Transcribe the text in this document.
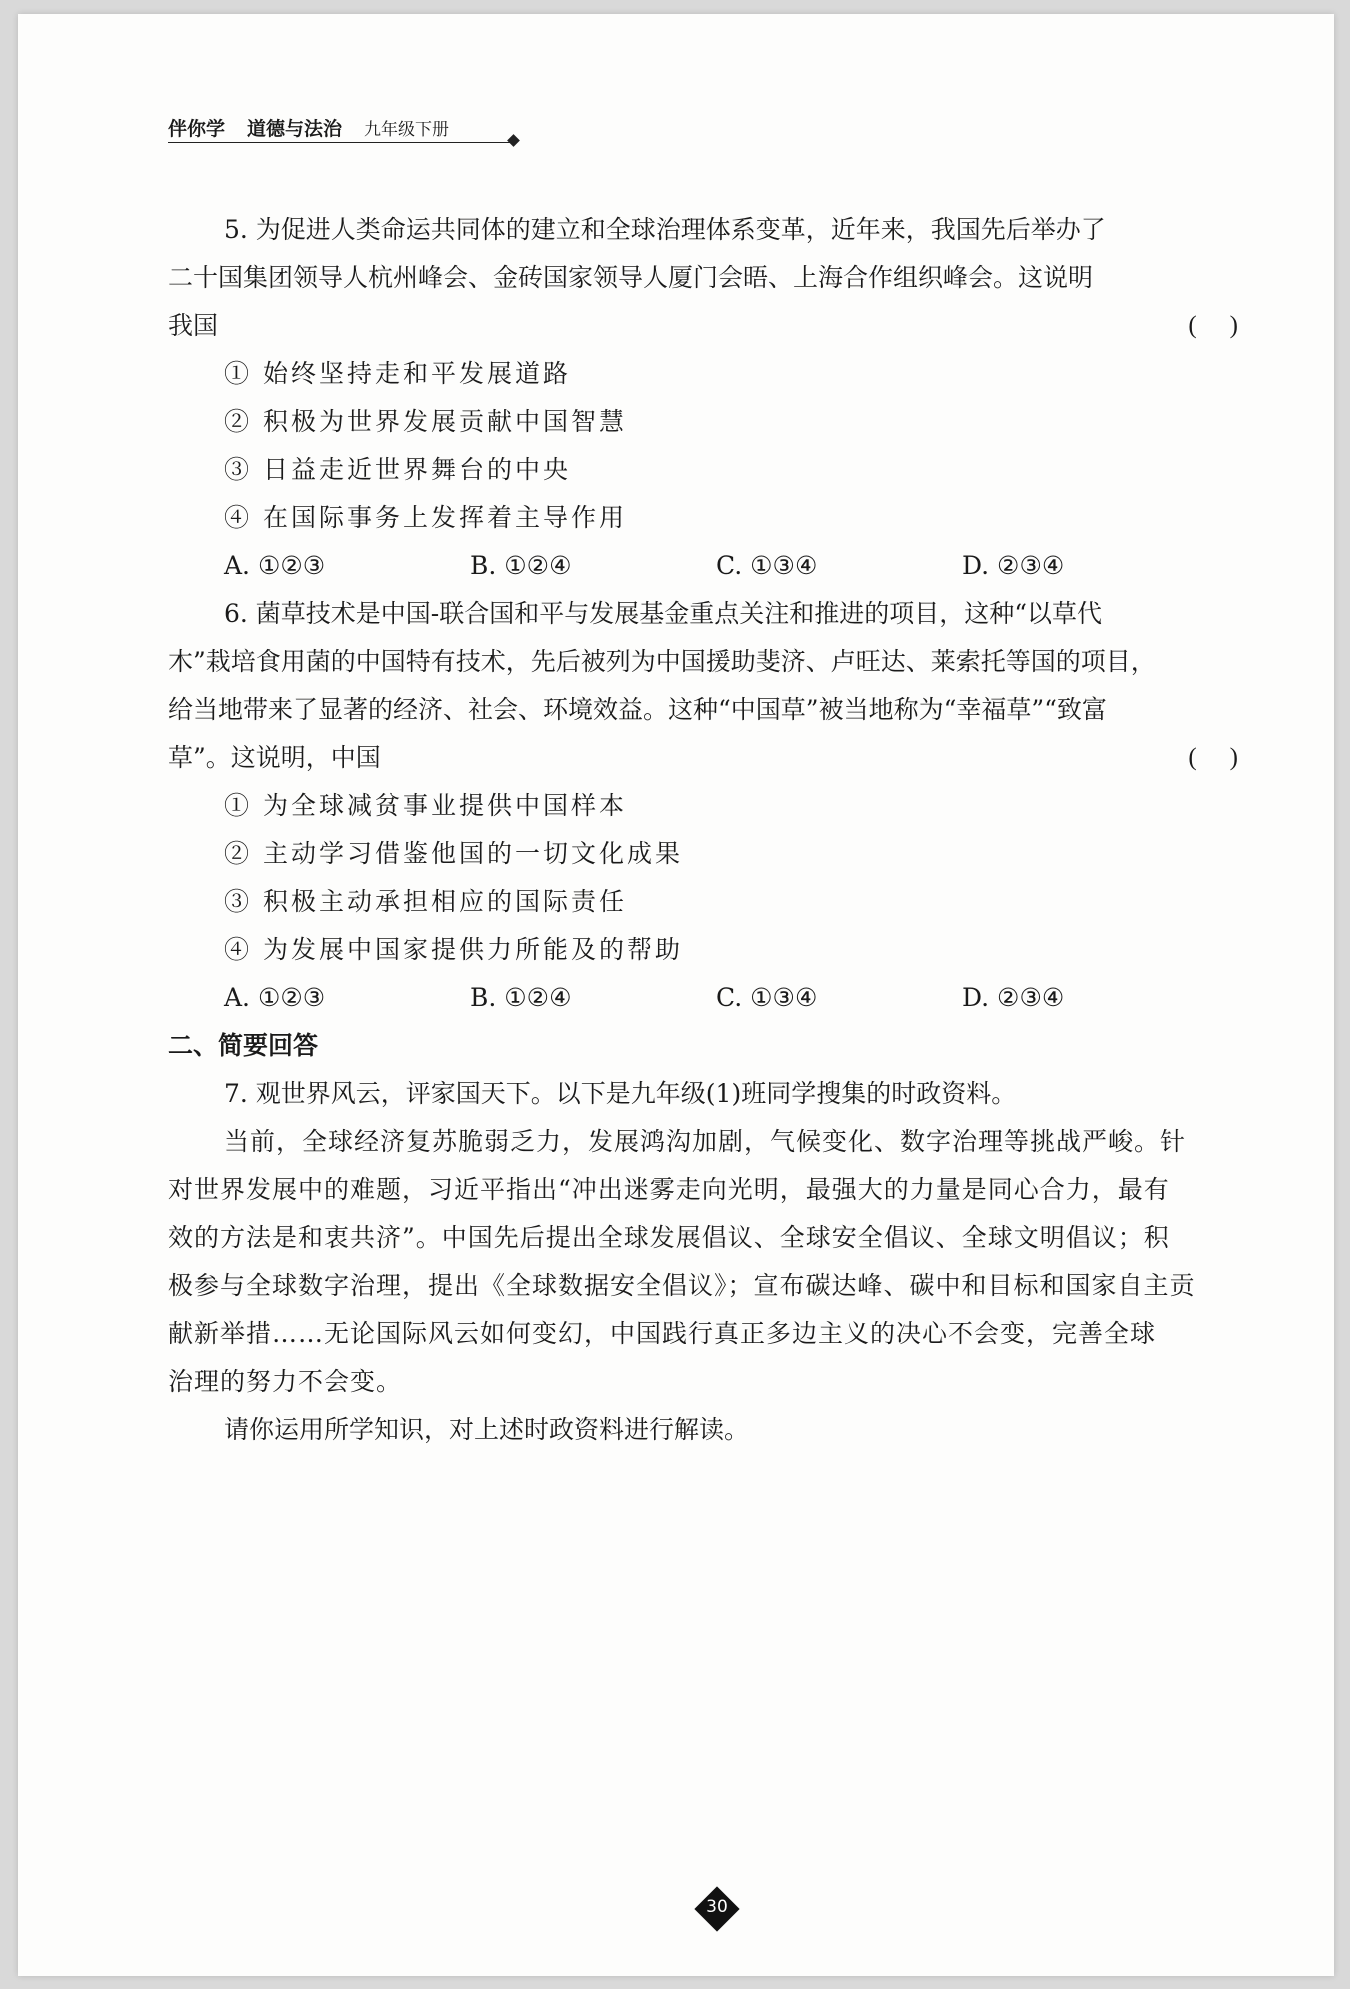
伴你学 道德与法治 九年级下册
5. 为促进人类命运共同体的建立和全球治理体系变革，近年来，我国先后举办了
二十国集团领导人杭州峰会、金砖国家领导人厦门会晤、上海合作组织峰会。这说明
我国	(　)
① 始终坚持走和平发展道路
② 积极为世界发展贡献中国智慧
③ 日益走近世界舞台的中央
④ 在国际事务上发挥着主导作用
A. ①②③	B. ①②④	C. ①③④	D. ②③④
6. 菌草技术是中国-联合国和平与发展基金重点关注和推进的项目，这种“以草代
木”栽培食用菌的中国特有技术，先后被列为中国援助斐济、卢旺达、莱索托等国的项目，
给当地带来了显著的经济、社会、环境效益。这种“中国草”被当地称为“幸福草”“致富
草”。这说明，中国	(　)
① 为全球减贫事业提供中国样本
② 主动学习借鉴他国的一切文化成果
③ 积极主动承担相应的国际责任
④ 为发展中国家提供力所能及的帮助
A. ①②③	B. ①②④	C. ①③④	D. ②③④
二、简要回答
7. 观世界风云，评家国天下。以下是九年级(1)班同学搜集的时政资料。
当前，全球经济复苏脆弱乏力，发展鸿沟加剧，气候变化、数字治理等挑战严峻。针
对世界发展中的难题，习近平指出“冲出迷雾走向光明，最强大的力量是同心合力，最有
效的方法是和衷共济”。中国先后提出全球发展倡议、全球安全倡议、全球文明倡议；积
极参与全球数字治理，提出《全球数据安全倡议》；宣布碳达峰、碳中和目标和国家自主贡
献新举措……无论国际风云如何变幻，中国践行真正多边主义的决心不会变，完善全球
治理的努力不会变。
请你运用所学知识，对上述时政资料进行解读。
30
